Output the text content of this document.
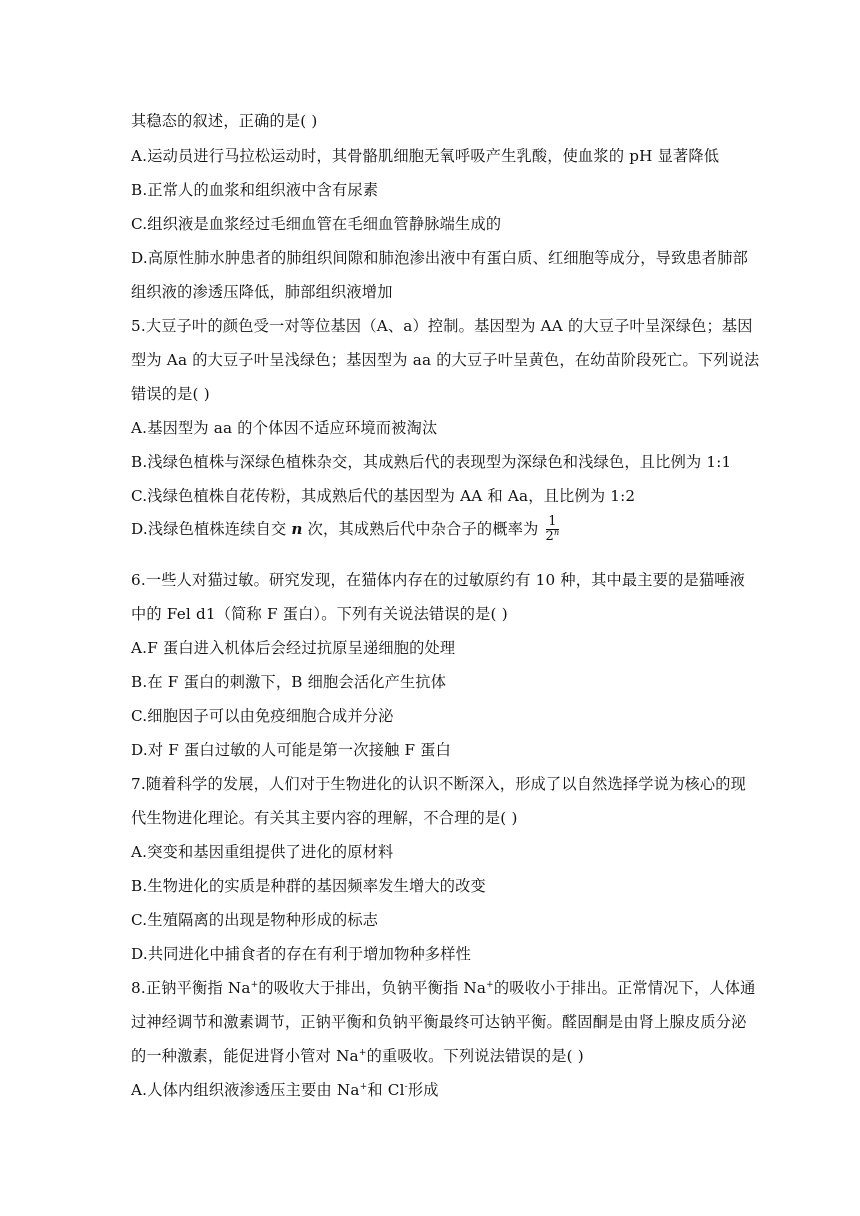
其稳态的叙述，正确的是( )
A.运动员进行马拉松运动时，其骨骼肌细胞无氧呼吸产生乳酸，使血浆的 pH 显著降低
B.正常人的血浆和组织液中含有尿素
C.组织液是血浆经过毛细血管在毛细血管静脉端生成的
D.高原性肺水肿患者的肺组织间隙和肺泡渗出液中有蛋白质、红细胞等成分，导致患者肺部
组织液的渗透压降低，肺部组织液增加
5.大豆子叶的颜色受一对等位基因（A、a）控制。基因型为 AA 的大豆子叶呈深绿色；基因
型为 Aa 的大豆子叶呈浅绿色；基因型为 aa 的大豆子叶呈黄色，在幼苗阶段死亡。下列说法
错误的是( )
A.基因型为 aa 的个体因不适应环境而被淘汰
B.浅绿色植株与深绿色植株杂交，其成熟后代的表现型为深绿色和浅绿色，且比例为 1:1
C.浅绿色植株自花传粉，其成熟后代的基因型为 AA 和 Aa，且比例为 1:2
D.浅绿色植株连续自交 n 次，其成熟后代中杂合子的概率为 $\frac{1}{2^n}$
6.一些人对猫过敏。研究发现，在猫体内存在的过敏原约有 10 种，其中最主要的是猫唾液
中的 Fel d1（简称 F 蛋白）。下列有关说法错误的是( )
A.F 蛋白进入机体后会经过抗原呈递细胞的处理
B.在 F 蛋白的刺激下，B 细胞会活化产生抗体
C.细胞因子可以由免疫细胞合成并分泌
D.对 F 蛋白过敏的人可能是第一次接触 F 蛋白
7.随着科学的发展，人们对于生物进化的认识不断深入，形成了以自然选择学说为核心的现
代生物进化理论。有关其主要内容的理解，不合理的是( )
A.突变和基因重组提供了进化的原材料
B.生物进化的实质是种群的基因频率发生增大的改变
C.生殖隔离的出现是物种形成的标志
D.共同进化中捕食者的存在有利于增加物种多样性
8.正钠平衡指 Na+的吸收大于排出，负钠平衡指 Na+的吸收小于排出。正常情况下，人体通
过神经调节和激素调节，正钠平衡和负钠平衡最终可达钠平衡。醛固酮是由肾上腺皮质分泌
的一种激素，能促进肾小管对 Na+的重吸收。下列说法错误的是( )
A.人体内组织液渗透压主要由 Na+和 Cl-形成
